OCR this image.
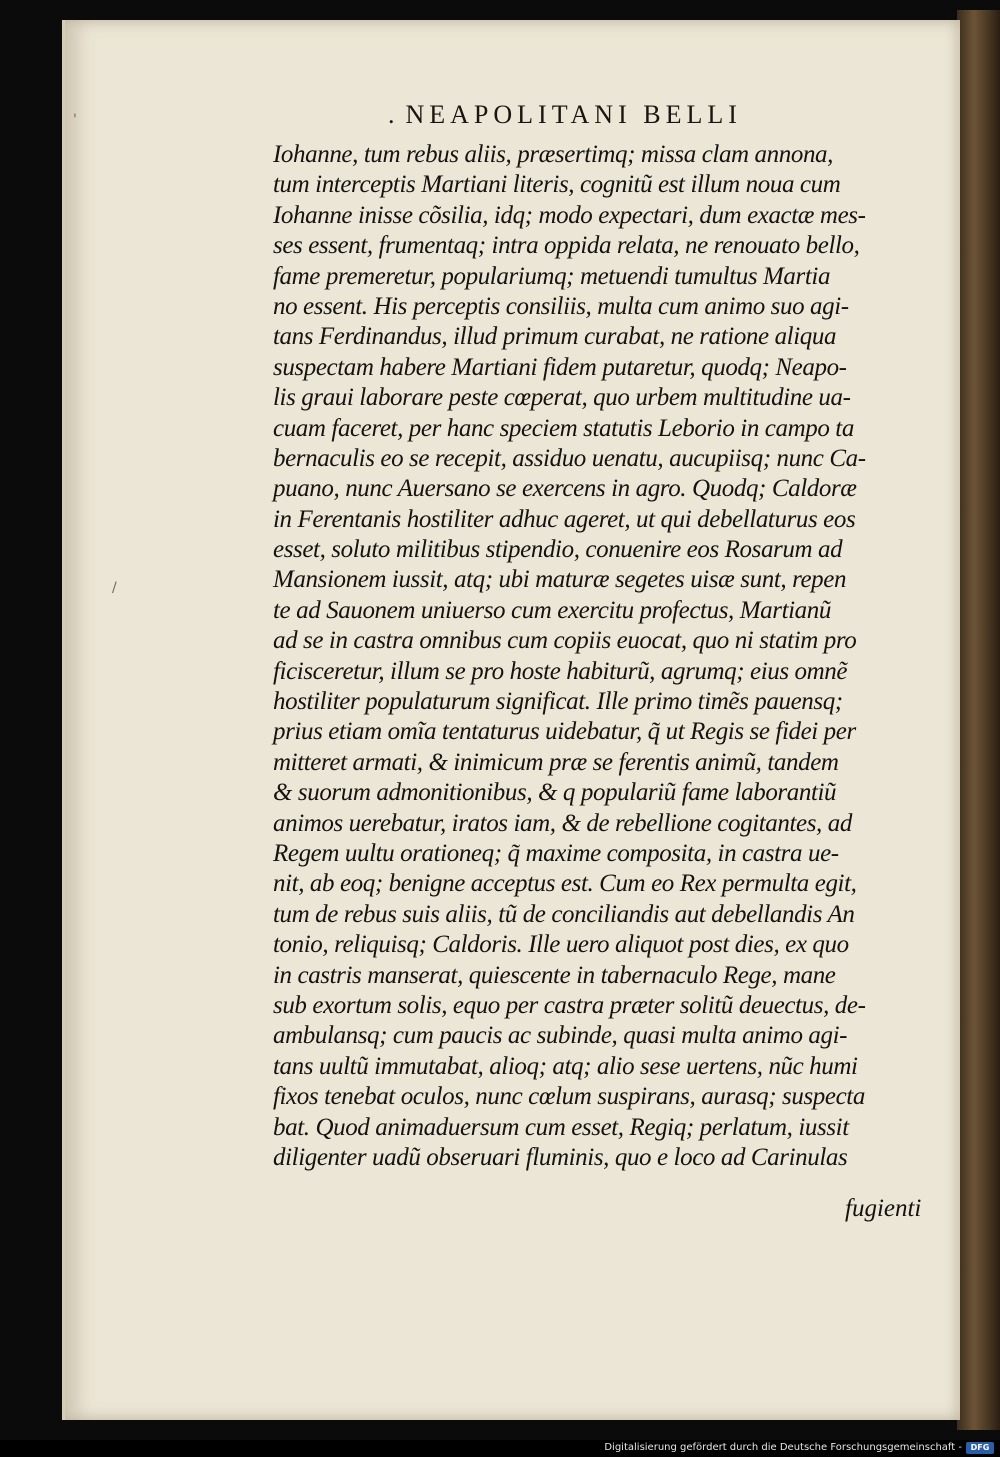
. NEAPOLITANI BELLI
Iohanne, tum rebus aliis, præsertimq; missa clam annona,
tum interceptis Martiani literis, cognitũ est illum noua cum
Iohanne inisse cõsilia, idq; modo expectari, dum exactæ mes-
ses essent, frumentaq; intra oppida relata, ne renouato bello,
fame premeretur, populariumq; metuendi tumultus Martia
no essent. His perceptis consiliis, multa cum animo suo agi-
tans Ferdinandus, illud primum curabat, ne ratione aliqua
suspectam habere Martiani fidem putaretur, quodq; Neapo-
lis graui laborare peste cœperat, quo urbem multitudine ua-
cuam faceret, per hanc speciem statutis Leborio in campo ta
bernaculis eo se recepit, assiduo uenatu, aucupiisq; nunc Ca-
puano, nunc Auersano se exercens in agro. Quodq; Caldoræ
in Ferentanis hostiliter adhuc ageret, ut qui debellaturus eos
esset, soluto militibus stipendio, conuenire eos Rosarum ad
Mansionem iussit, atq; ubi maturæ segetes uisæ sunt, repen
te ad Sauonem uniuerso cum exercitu profectus, Martianũ
ad se in castra omnibus cum copiis euocat, quo ni statim pro
ficisceretur, illum se pro hoste habiturũ, agrumq; eius omnẽ
hostiliter populaturum significat. Ille primo timẽs pauensq;
prius etiam omĩa tentaturus uidebatur, q̃ ut Regis se fidei per
mitteret armati, & inimicum præ se ferentis animũ, tandem
& suorum admonitionibus, & q populariũ fame laborantiũ
animos uerebatur, iratos iam, & de rebellione cogitantes, ad
Regem uultu orationeq; q̃ maxime composita, in castra ue-
nit, ab eoq; benigne acceptus est. Cum eo Rex permulta egit,
tum de rebus suis aliis, tũ de conciliandis aut debellandis An
tonio, reliquisq; Caldoris. Ille uero aliquot post dies, ex quo
in castris manserat, quiescente in tabernaculo Rege, mane
sub exortum solis, equo per castra præter solitũ deuectus, de-
ambulansq; cum paucis ac subinde, quasi multa animo agi-
tans uultũ immutabat, alioq; atq; alio sese uertens, nũc humi
fixos tenebat oculos, nunc cœlum suspirans, aurasq; suspecta
bat. Quod animaduersum cum esset, Regiq; perlatum, iussit
diligenter uadũ obseruari fluminis, quo e loco ad Carinulas
fugienti
'
/
Digitalisierung gefördert durch die Deutsche Forschungsgemeinschaft -	DFG
